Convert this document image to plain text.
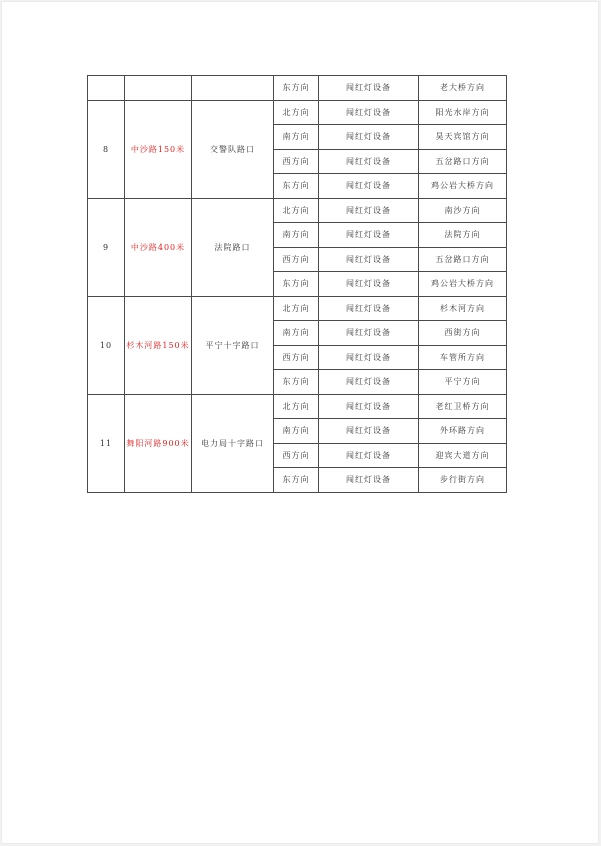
			东方向	闯红灯设备	老大桥方向
8	中沙路150米	交警队路口	北方向	闯红灯设备	阳光水岸方向
			南方向	闯红灯设备	昊天宾馆方向
			西方向	闯红灯设备	五岔路口方向
			东方向	闯红灯设备	鸡公岩大桥方向
9	中沙路400米	法院路口	北方向	闯红灯设备	南沙方向
			南方向	闯红灯设备	法院方向
			西方向	闯红灯设备	五岔路口方向
			东方向	闯红灯设备	鸡公岩大桥方向
10	杉木河路150米	平宁十字路口	北方向	闯红灯设备	杉木河方向
			南方向	闯红灯设备	西街方向
			西方向	闯红灯设备	车管所方向
			东方向	闯红灯设备	平宁方向
11	舞阳河路900米	电力局十字路口	北方向	闯红灯设备	老红卫桥方向
			南方向	闯红灯设备	外环路方向
			西方向	闯红灯设备	迎宾大道方向
			东方向	闯红灯设备	步行街方向
